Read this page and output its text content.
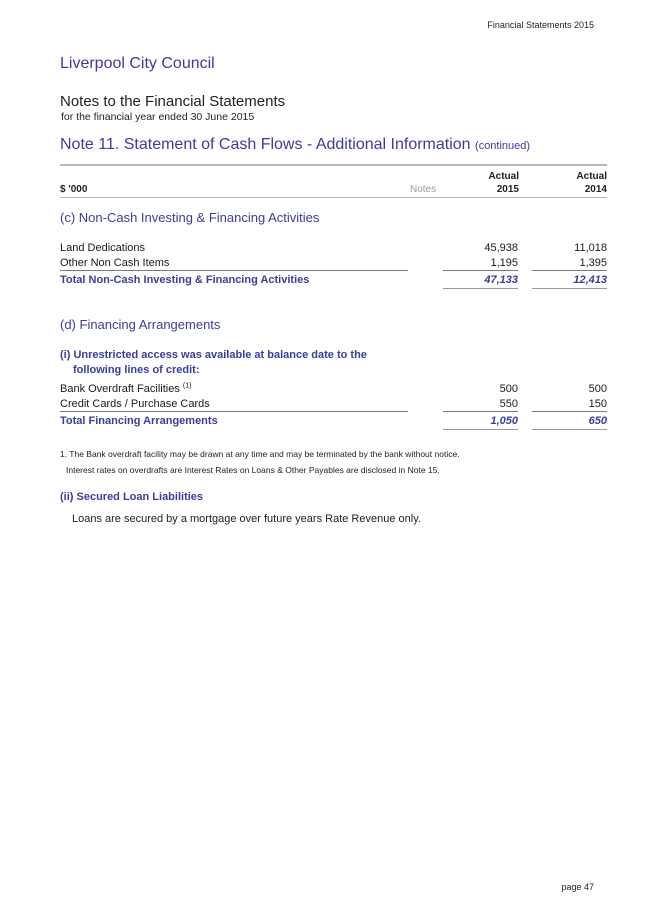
Financial Statements 2015
Liverpool City Council
Notes to the Financial Statements
for the financial year ended 30 June 2015
Note 11. Statement of Cash Flows - Additional Information (continued)
Actual	Actual
$ '000	Notes	2015	2014
(c) Non-Cash Investing & Financing Activities
Land Dedications	45,938	11,018
Other Non Cash Items	1,195	1,395
Total Non-Cash Investing & Financing Activities	47,133	12,413
(d) Financing Arrangements
(i) Unrestricted access was available at balance date to the
following lines of credit:
Bank Overdraft Facilities $^{(1)}$	500	500
Credit Cards / Purchase Cards	550	150
Total Financing Arrangements	1,050	650
1. The Bank overdraft facility may be drawn at any time and may be terminated by the bank without notice.
Interest rates on overdrafts are Interest Rates on Loans & Other Payables are disclosed in Note 15.
(ii) Secured Loan Liabilities
Loans are secured by a mortgage over future years Rate Revenue only.
page 47
